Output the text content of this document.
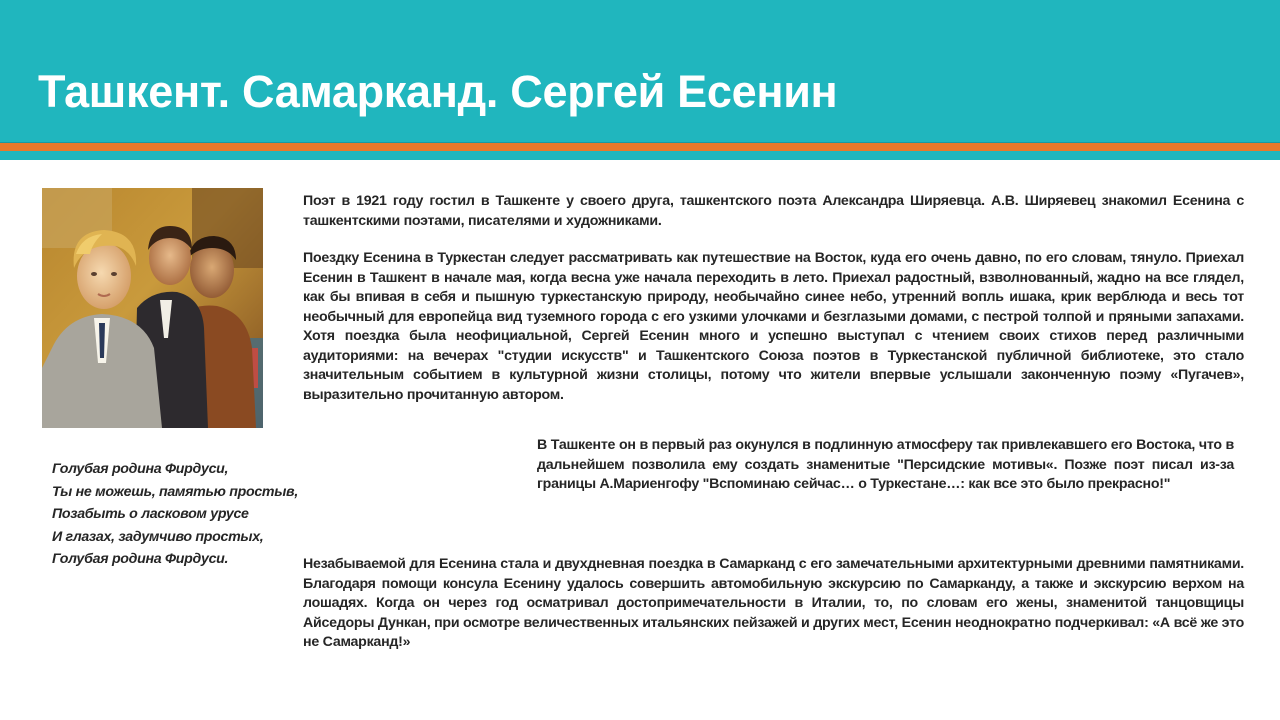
Ташкент. Самарканд. Сергей Есенин

Поэт в 1921 году гостил в Ташкенте у своего друга, ташкентского поэта Александра Ширяевца. А.В. Ширяевец знакомил Есенина с ташкентскими поэтами, писателями и художниками.

Поездку Есенина в Туркестан следует рассматривать как путешествие на Восток, куда его очень давно, по его словам, тянуло. Приехал Есенин в Ташкент в начале мая, когда весна уже начала переходить в лето. Приехал радостный, взволнованный, жадно на все глядел, как бы впивая в себя и пышную туркестанскую природу, необычайно синее небо, утренний вопль ишака, крик верблюда и весь тот необычный для европейца вид туземного города с его узкими улочками и безглазыми домами, с пестрой толпой и пряными запахами. Хотя поездка была неофициальной, Сергей Есенин много и успешно выступал с чтением своих стихов перед различными аудиториями: на вечерах "студии искусств" и Ташкентского Союза поэтов в Туркестанской публичной библиотеке, это стало значительным событием в культурной жизни столицы, потому что жители впервые услышали законченную поэму «Пугачев», выразительно прочитанную автором.

В Ташкенте он в первый раз окунулся в подлинную атмосферу так привлекавшего его Востока, что в дальнейшем позволила ему создать знаменитые "Персидские мотивы«. Позже поэт писал из-за границы А.Мариенгофу "Вспоминаю сейчас… о Туркестане…: как все это было прекрасно!"

Незабываемой для Есенина стала и двухдневная поездка в Самарканд с его замечательными архитектурными древними памятниками. Благодаря помощи консула Есенину удалось совершить автомобильную экскурсию по Самарканду, а также и экскурсию верхом на лошадях. Когда он через год осматривал достопримечательности в Италии, то, по словам его жены, знаменитой танцовщицы Айседоры Дункан, при осмотре величественных итальянских пейзажей и других мест, Есенин неоднократно подчеркивал: «А всё же это не Самарканд!»

Голубая родина Фирдуси,
Ты не можешь, памятью простыв,
Позабыть о ласковом урусе
И глазах, задумчиво простых,
Голубая родина Фирдуси.
